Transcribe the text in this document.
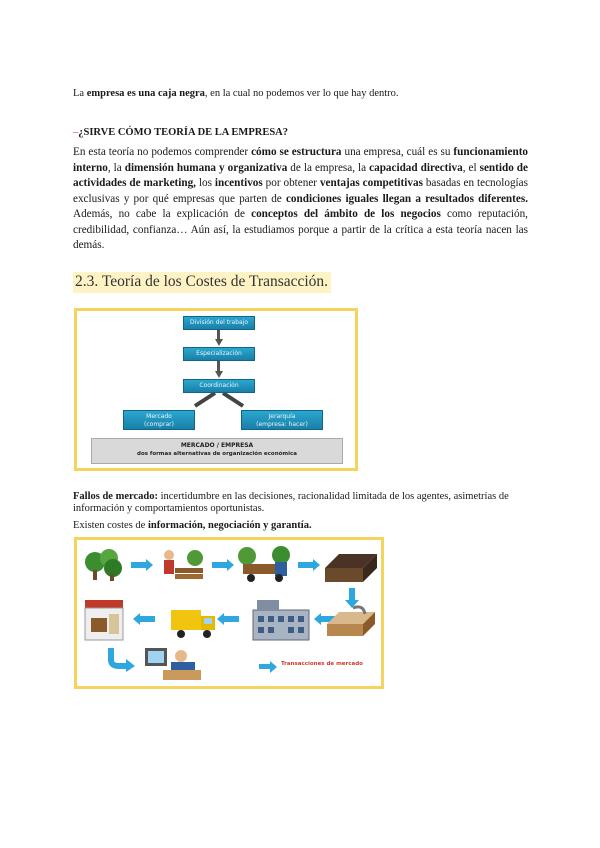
La empresa es una caja negra, en la cual no podemos ver lo que hay dentro.
–¿SIRVE CÓMO TEORÍA DE LA EMPRESA?
En esta teoría no podemos comprender cómo se estructura una empresa, cuál es su funcionamiento interno, la dimensión humana y organizativa de la empresa, la capacidad directiva, el sentido de actividades de marketing, los incentivos por obtener ventajas competitivas basadas en tecnologías exclusivas y por qué empresas que parten de condiciones iguales llegan a resultados diferentes. Además, no cabe la explicación de conceptos del ámbito de los negocios como reputación, credibilidad, confianza… Aún así, la estudiamos porque a partir de la crítica a esta teoría nacen las demás.
2.3. Teoría de los Costes de Transacción.
División del trabajo
Especialización
Coordinación
Mercado
(comprar)
Jerarquía
(empresa: hacer)
MERCADO / EMPRESA
dos formas alternativas de organización económica
Fallos de mercado: incertidumbre en las decisiones, racionalidad limitada de los agentes, asimetrías de información y comportamientos oportunistas.
Existen costes de información, negociación y garantía.
Transacciones de mercado
